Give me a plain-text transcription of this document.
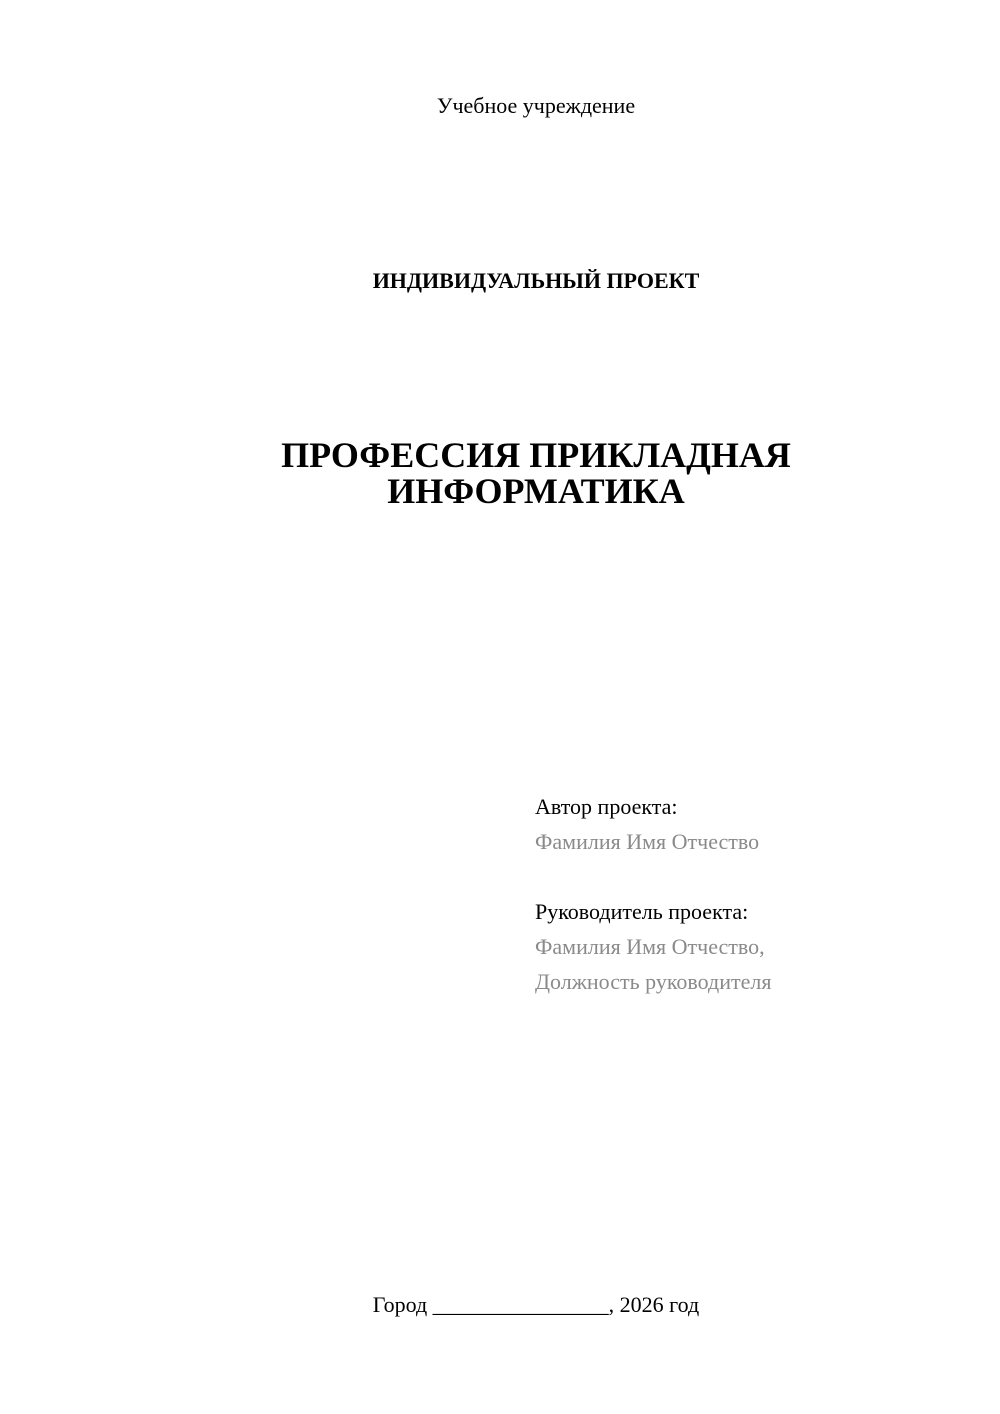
Учебное учреждение
ИНДИВИДУАЛЬНЫЙ ПРОЕКТ
ПРОФЕССИЯ ПРИКЛАДНАЯ
ИНФОРМАТИКА
Автор проекта:
Фамилия Имя Отчество
Руководитель проекта:
Фамилия Имя Отчество,
Должность руководителя
Город ________________, 2026 год
